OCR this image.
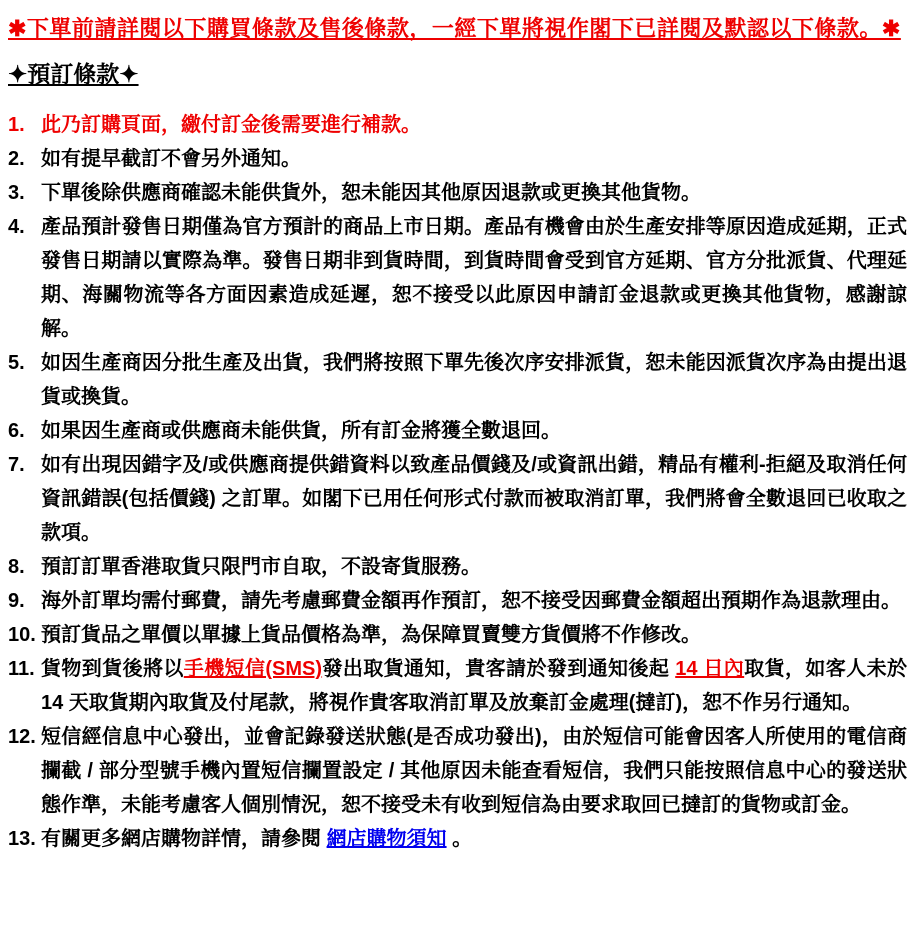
✱下單前請詳閱以下購買條款及售後條款，一經下單將視作閣下已詳閱及默認以下條款。✱
✦預訂條款✦
1. 此乃訂購頁面，繳付訂金後需要進行補款。
2. 如有提早截訂不會另外通知。
3. 下單後除供應商確認未能供貨外，恕未能因其他原因退款或更換其他貨物。
4. 產品預計發售日期僅為官方預計的商品上市日期。產品有機會由於生產安排等原因造成延期，正式發售日期請以實際為準。發售日期非到貨時間，到貨時間會受到官方延期、官方分批派貨、代理延期、海關物流等各方面因素造成延遲，恕不接受以此原因申請訂金退款或更換其他貨物，感謝諒解。
5. 如因生產商因分批生產及出貨，我們將按照下單先後次序安排派貨，恕未能因派貨次序為由提出退貨或換貨。
6. 如果因生產商或供應商未能供貨，所有訂金將獲全數退回。
7. 如有出現因錯字及/或供應商提供錯資料以致產品價錢及/或資訊出錯，精品有權利-拒絕及取消任何資訊錯誤(包括價錢) 之訂單。如閣下已用任何形式付款而被取消訂單，我們將會全數退回已收取之款項。
8. 預訂訂單香港取貨只限門市自取，不設寄貨服務。
9. 海外訂單均需付郵費，請先考慮郵費金額再作預訂，恕不接受因郵費金額超出預期作為退款理由。
10. 預訂貨品之單價以單據上貨品價格為準，為保障買賣雙方貨價將不作修改。
11. 貨物到貨後將以手機短信(SMS)發出取貨通知，貴客請於發到通知後起 14 日內取貨，如客人未於 14 天取貨期內取貨及付尾款，將視作貴客取消訂單及放棄訂金處理(撻訂)，恕不作另行通知。
12. 短信經信息中心發出，並會記錄發送狀態(是否成功發出)，由於短信可能會因客人所使用的電信商攔截 / 部分型號手機內置短信攔置設定 / 其他原因未能查看短信，我們只能按照信息中心的發送狀態作準，未能考慮客人個別情況，恕不接受未有收到短信為由要求取回已撻訂的貨物或訂金。
13. 有關更多網店購物詳情，請參閱 網店購物須知 。
